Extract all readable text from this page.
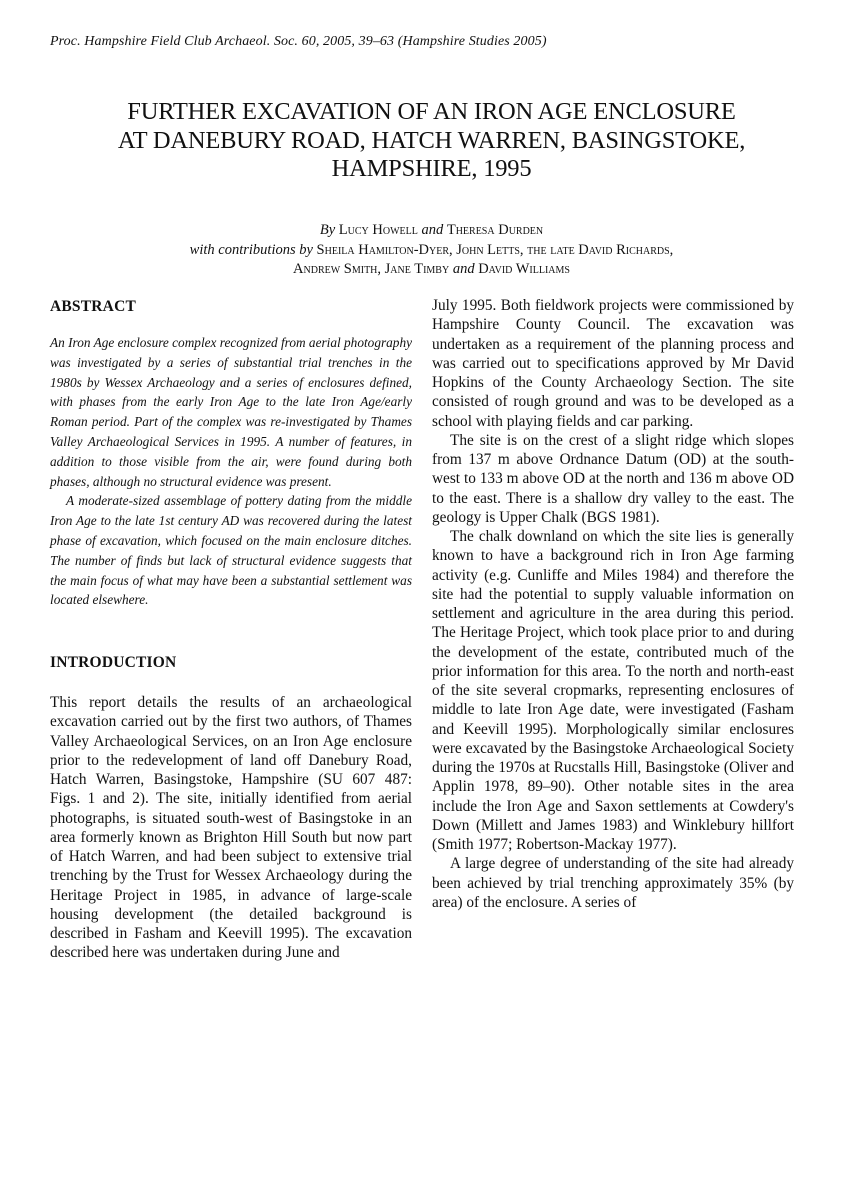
Proc. Hampshire Field Club Archaeol. Soc. 60, 2005, 39–63 (Hampshire Studies 2005)
FURTHER EXCAVATION OF AN IRON AGE ENCLOSURE
AT DANEBURY ROAD, HATCH WARREN, BASINGSTOKE,
HAMPSHIRE, 1995
By Lucy Howell and Theresa Durden
with contributions by Sheila Hamilton-Dyer, John Letts, the late David Richards,
Andrew Smith, Jane Timby and David Williams
ABSTRACT

An Iron Age enclosure complex recognized from aerial photography was investigated by a series of substantial trial trenches in the 1980s by Wessex Archaeology and a series of enclosures defined, with phases from the early Iron Age to the late Iron Age/early Roman period. Part of the complex was re-investigated by Thames Valley Archaeological Services in 1995. A number of features, in addition to those visible from the air, were found during both phases, although no structural evidence was present.

A moderate-sized assemblage of pottery dating from the middle Iron Age to the late 1st century AD was recovered during the latest phase of excavation, which focused on the main enclosure ditches. The number of finds but lack of structural evidence suggests that the main focus of what may have been a substantial settlement was located elsewhere.

INTRODUCTION

This report details the results of an archaeological excavation carried out by the first two authors, of Thames Valley Archaeological Services, on an Iron Age enclosure prior to the redevelopment of land off Danebury Road, Hatch Warren, Basingstoke, Hampshire (SU 607 487: Figs. 1 and 2). The site, initially identified from aerial photographs, is situated south-west of Basingstoke in an area formerly known as Brighton Hill South but now part of Hatch Warren, and had been subject to extensive trial trenching by the Trust for Wessex Archaeology during the Heritage Project in 1985, in advance of large-scale housing development (the detailed background is described in Fasham and Keevill 1995). The excavation described here was undertaken during June and

July 1995. Both fieldwork projects were commissioned by Hampshire County Council. The excavation was undertaken as a requirement of the planning process and was carried out to specifications approved by Mr David Hopkins of the County Archaeology Section. The site consisted of rough ground and was to be developed as a school with playing fields and car parking.

The site is on the crest of a slight ridge which slopes from 137 m above Ordnance Datum (OD) at the south-west to 133 m above OD at the north and 136 m above OD to the east. There is a shallow dry valley to the east. The geology is Upper Chalk (BGS 1981).

The chalk downland on which the site lies is generally known to have a background rich in Iron Age farming activity (e.g. Cunliffe and Miles 1984) and therefore the site had the potential to supply valuable information on settlement and agriculture in the area during this period. The Heritage Project, which took place prior to and during the development of the estate, contributed much of the prior information for this area. To the north and north-east of the site several cropmarks, representing enclosures of middle to late Iron Age date, were investigated (Fasham and Keevill 1995). Morphologically similar enclosures were excavated by the Basingstoke Archaeological Society during the 1970s at Rucstalls Hill, Basingstoke (Oliver and Applin 1978, 89–90). Other notable sites in the area include the Iron Age and Saxon settlements at Cowdery's Down (Millett and James 1983) and Winklebury hillfort (Smith 1977; Robertson-Mackay 1977).

A large degree of understanding of the site had already been achieved by trial trenching approximately 35% (by area) of the enclosure. A series of
